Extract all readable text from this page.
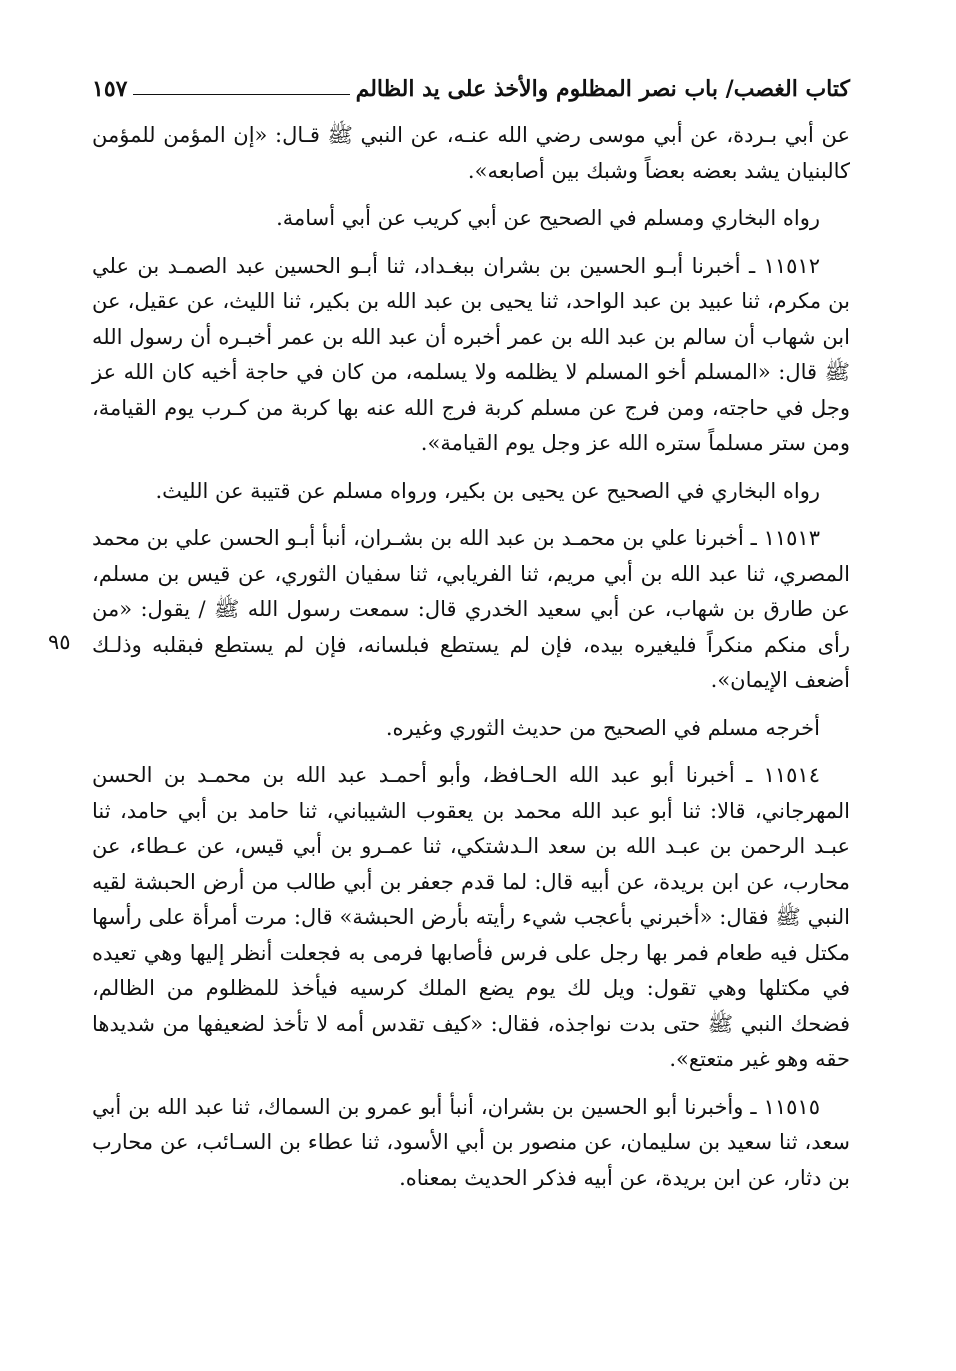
كتاب الغصب/ باب نصر المظلوم والأخذ على يد الظالم
١٥٧
٩٥

عن أبي بـردة، عن أبي موسى رضي الله عنـه، عن النبي ﷺ قـال: «إن المؤمن للمؤمن كالبنيان يشد بعضه بعضاً وشبك بين أصابعه».

رواه البخاري ومسلم في الصحيح عن أبي كريب عن أبي أسامة.

١١٥١٢ ـ أخبرنا أبـو الحسين بن بشران ببغـداد، ثنا أبـو الحسين عبد الصمـد بن علي بن مكرم، ثنا عبيد بن عبد الواحد، ثنا يحيى بن عبد الله بن بكير، ثنا الليث، عن عقيل، عن ابن شهاب أن سالم بن عبد الله بن عمر أخبره أن عبد الله بن عمر أخبـره أن رسول الله ﷺ قال: «المسلم أخو المسلم لا يظلمه ولا يسلمه، من كان في حاجة أخيه كان الله عز وجل في حاجته، ومن فرج عن مسلم كربة فرج الله عنه بها كربة من كـرب يوم القيامة، ومن ستر مسلماً ستره الله عز وجل يوم القيامة».

رواه البخاري في الصحيح عن يحيى بن بكير، ورواه مسلم عن قتيبة عن الليث.

١١٥١٣ ـ أخبرنا علي بن محمـد بن عبد الله بن بشـران، أنبأ أبـو الحسن علي بن محمد المصري، ثنا عبد الله بن أبي مريم، ثنا الفريابي، ثنا سفيان الثوري، عن قيس بن مسلم، عن طارق بن شهاب، عن أبي سعيد الخدري قال: سمعت رسول الله ﷺ / يقول: «من رأى منكم منكراً فليغيره بيده، فإن لم يستطع فبلسانه، فإن لم يستطع فبقلبه وذلـك أضعف الإيمان».

أخرجه مسلم في الصحيح من حديث الثوري وغيره.

١١٥١٤ ـ أخبرنا أبو عبد الله الحـافظ، وأبو أحمـد عبد الله بن محمـد بن الحسن المهرجاني، قالا: ثنا أبو عبد الله محمد بن يعقوب الشيباني، ثنا حامد بن أبي حامد، ثنا عبـد الرحمن بن عبـد الله بن سعد الـدشتكي، ثنا عمـرو بن أبي قيس، عن عـطاء، عن محارب، عن ابن بريدة، عن أبيه قال: لما قدم جعفر بن أبي طالب من أرض الحبشة لقيه النبي ﷺ فقال: «أخبرني بأعجب شيء رأيته بأرض الحبشة» قال: مرت أمرأة على رأسها مكتل فيه طعام فمر بها رجل على فرس فأصابها فرمى به فجعلت أنظر إليها وهي تعيده في مكتلها وهي تقول: ويل لك يوم يضع الملك كرسيه فيأخذ للمظلوم من الظالم، فضحك النبي ﷺ حتى بدت نواجذه، فقال: «كيف تقدس أمه لا تأخذ لضعيفها من شديدها حقه وهو غير متعتع».

١١٥١٥ ـ وأخبرنا أبو الحسين بن بشران، أنبأ أبو عمرو بن السماك، ثنا عبد الله بن أبي سعد، ثنا سعيد بن سليمان، عن منصور بن أبي الأسود، ثنا عطاء بن السـائب، عن محارب بن دثار، عن ابن بريدة، عن أبيه فذكر الحديث بمعناه.
